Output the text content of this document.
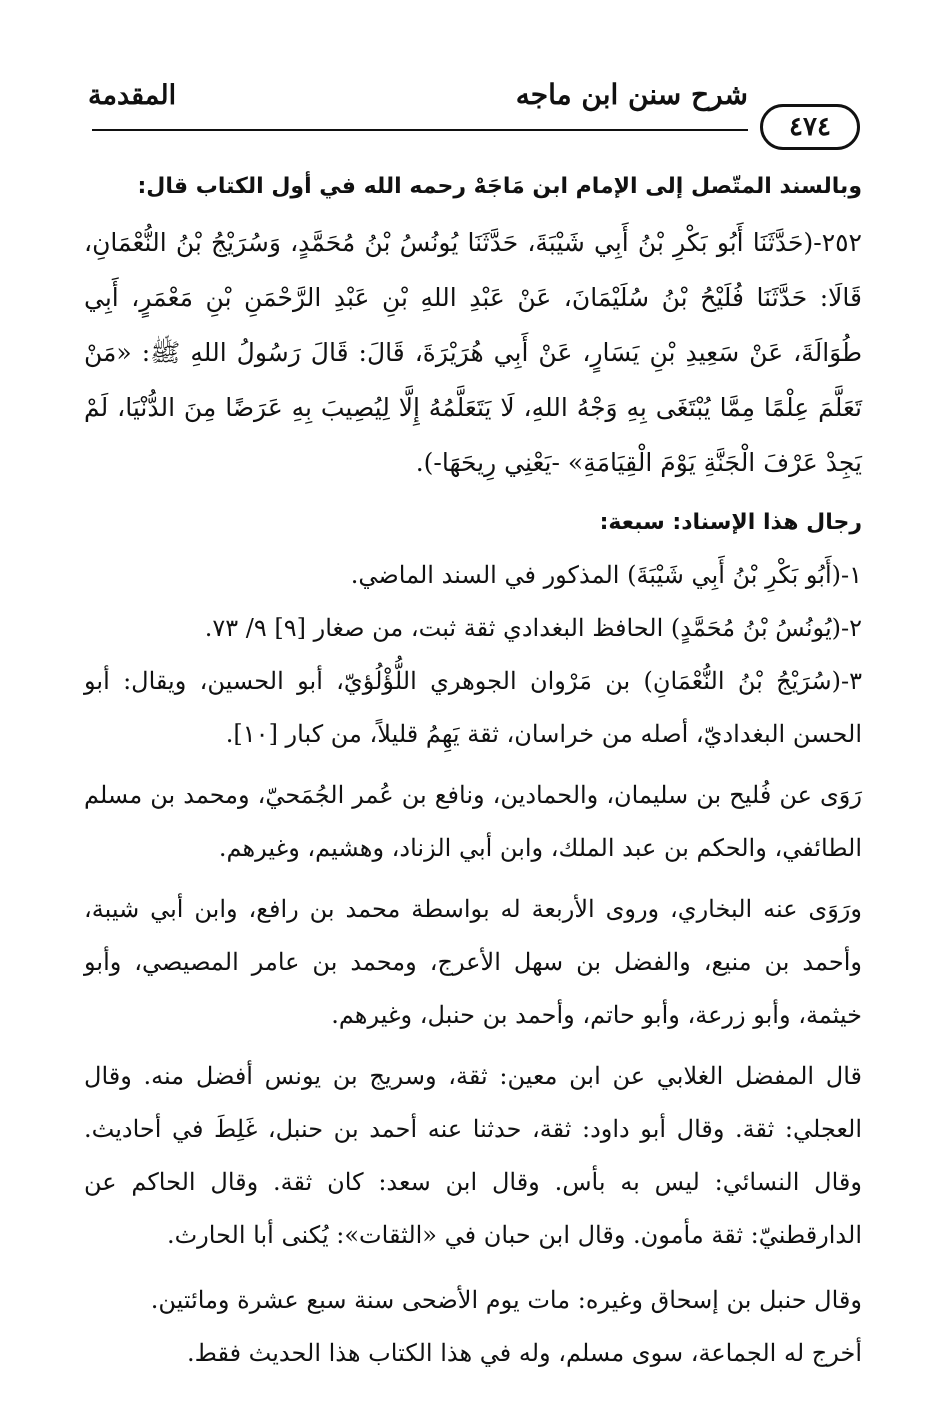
المقدمة	شرح سنن ابن ماجه
٤٧٤

وبالسند المتّصل إلى الإمام ابن مَاجَهْ رحمه الله في أول الكتاب قال:

٢٥٢-(حَدَّثَنَا أَبُو بَكْرِ بْنُ أَبِي شَيْبَةَ، حَدَّثَنَا يُونُسُ بْنُ مُحَمَّدٍ، وَسُرَيْجُ بْنُ النُّعْمَانِ، قَالَا: حَدَّثَنَا فُلَيْحُ بْنُ سُلَيْمَانَ، عَنْ عَبْدِ اللهِ بْنِ عَبْدِ الرَّحْمَنِ بْنِ مَعْمَرٍ، أَبِي طُوَالَةَ، عَنْ سَعِيدِ بْنِ يَسَارٍ، عَنْ أَبِي هُرَيْرَةَ، قَالَ: قَالَ رَسُولُ اللهِ ﷺ: «مَنْ تَعَلَّمَ عِلْمًا مِمَّا يُبْتَغَى بِهِ وَجْهُ اللهِ، لَا يَتَعَلَّمُهُ إِلَّا لِيُصِيبَ بِهِ عَرَضًا مِنَ الدُّنْيَا، لَمْ يَجِدْ عَرْفَ الْجَنَّةِ يَوْمَ الْقِيَامَةِ» -يَعْنِي رِيحَهَا-).

رجال هذا الإسناد: سبعة:

١-(أَبُو بَكْرِ بْنُ أَبِي شَيْبَةَ) المذكور في السند الماضي.

٢-(يُونُسُ بْنُ مُحَمَّدٍ) الحافظ البغدادي ثقة ثبت، من صغار [٩] ٩/ ٧٣.

٣-(سُرَيْجُ بْنُ النُّعْمَانِ) بن مَرْوان الجوهري اللُّؤْلُؤيّ، أبو الحسين، ويقال: أبو الحسن البغداديّ، أصله من خراسان، ثقة يَهِمُ قليلاً، من كبار [١٠].

رَوَى عن فُليح بن سليمان، والحمادين، ونافع بن عُمر الجُمَحيّ، ومحمد بن مسلم الطائفي، والحكم بن عبد الملك، وابن أبي الزناد، وهشيم، وغيرهم.

ورَوَى عنه البخاري، وروى الأربعة له بواسطة محمد بن رافع، وابن أبي شيبة، وأحمد بن منيع، والفضل بن سهل الأعرج، ومحمد بن عامر المصيصي، وأبو خيثمة، وأبو زرعة، وأبو حاتم، وأحمد بن حنبل، وغيرهم.

قال المفضل الغلابي عن ابن معين: ثقة، وسريج بن يونس أفضل منه. وقال العجلي: ثقة. وقال أبو داود: ثقة، حدثنا عنه أحمد بن حنبل، غَلِطَ في أحاديث. وقال النسائي: ليس به بأس. وقال ابن سعد: كان ثقة. وقال الحاكم عن الدارقطنيّ: ثقة مأمون. وقال ابن حبان في «الثقات»: يُكنى أبا الحارث.

وقال حنبل بن إسحاق وغيره: مات يوم الأضحى سنة سبع عشرة ومائتين.

أخرج له الجماعة، سوى مسلم، وله في هذا الكتاب هذا الحديث فقط.
